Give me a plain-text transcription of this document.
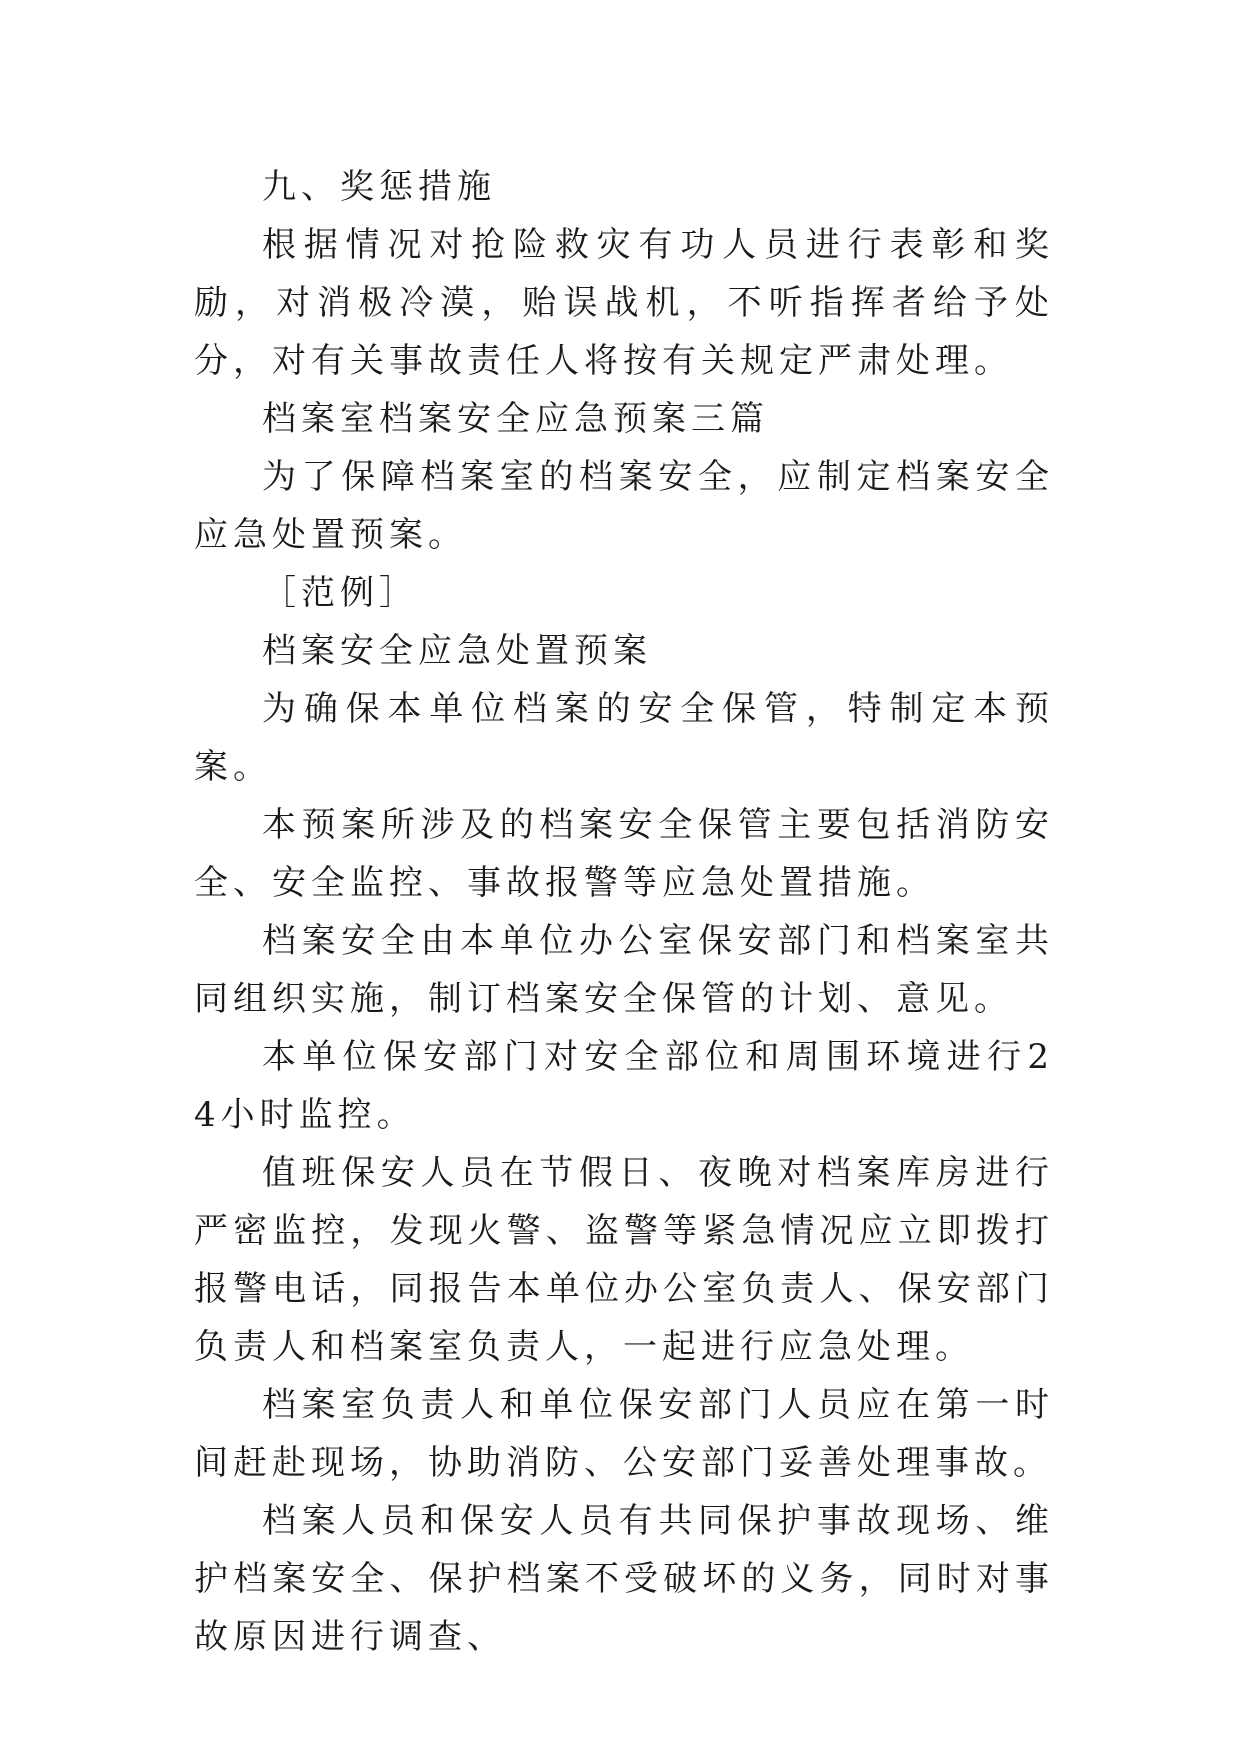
九、奖惩措施

根据情况对抢险救灾有功人员进行表彰和奖励，对消极冷漠，贻误战机，不听指挥者给予处分，对有关事故责任人将按有关规定严肃处理。

档案室档案安全应急预案三篇

为了保障档案室的档案安全，应制定档案安全应急处置预案。

［范例］

档案安全应急处置预案

为确保本单位档案的安全保管，特制定本预案。

本预案所涉及的档案安全保管主要包括消防安全、安全监控、事故报警等应急处置措施。

档案安全由本单位办公室保安部门和档案室共同组织实施，制订档案安全保管的计划、意见。

本单位保安部门对安全部位和周围环境进行24小时监控。

值班保安人员在节假日、夜晚对档案库房进行严密监控，发现火警、盗警等紧急情况应立即拨打报警电话，同报告本单位办公室负责人、保安部门负责人和档案室负责人，一起进行应急处理。

档案室负责人和单位保安部门人员应在第一时间赶赴现场，协助消防、公安部门妥善处理事故。

档案人员和保安人员有共同保护事故现场、维护档案安全、保护档案不受破坏的义务，同时对事故原因进行调查、
